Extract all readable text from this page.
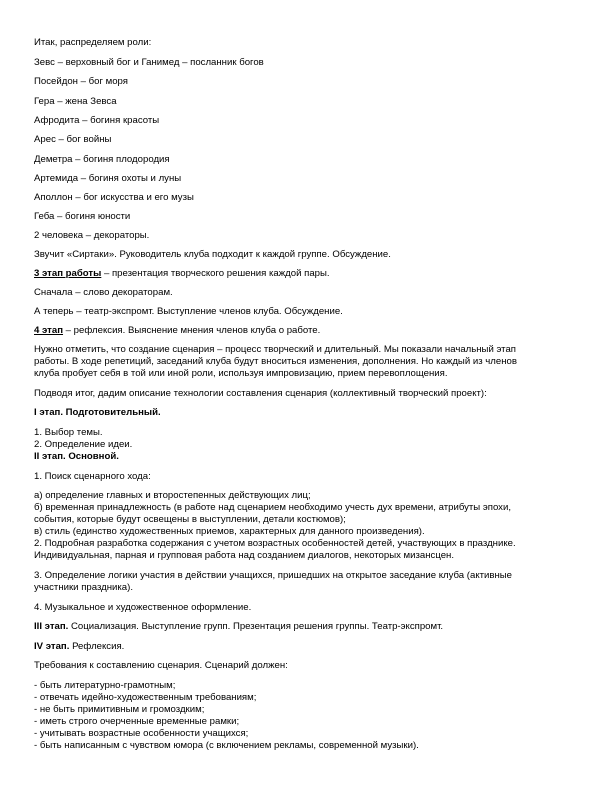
Итак, распределяем роли:
Зевс – верховный бог и Ганимед – посланник богов
Посейдон – бог моря
Гера – жена Зевса
Афродита – богиня красоты
Арес – бог войны
Деметра – богиня плодородия
Артемида – богиня охоты и луны
Аполлон – бог искусства и его музы
Геба – богиня юности
2 человека – декораторы.
Звучит «Сиртаки». Руководитель клуба подходит к каждой группе. Обсуждение.
3 этап работы – презентация творческого решения каждой пары.
Сначала – слово декораторам.
А теперь – театр-экспромт. Выступление членов клуба. Обсуждение.
4 этап – рефлексия. Выяснение мнения членов клуба о работе.
Нужно отметить, что создание сценария – процесс творческий и длительный. Мы показали начальный этап
работы. В ходе репетиций, заседаний клуба будут вноситься изменения, дополнения. Но каждый из членов
клуба пробует себя в той или иной роли, используя импровизацию, прием перевоплощения.
Подводя итог, дадим описание технологии составления сценария (коллективный творческий проект):
I этап. Подготовительный.
1. Выбор темы.
2. Определение идеи.
II этап. Основной.
1. Поиск сценарного хода:
а) определение главных и второстепенных действующих лиц;
б) временная принадлежность (в работе над сценарием необходимо учесть дух времени, атрибуты эпохи,
события, которые будут освещены в выступлении, детали костюмов);
в) стиль (единство художественных приемов, характерных для данного произведения).
2. Подробная разработка содержания с учетом возрастных особенностей детей, участвующих в празднике.
Индивидуальная, парная и групповая работа над созданием диалогов, некоторых мизансцен.
3. Определение логики участия в действии учащихся, пришедших на открытое заседание клуба (активные
участники праздника).
4. Музыкальное и художественное оформление.
III этап. Социализация. Выступление групп. Презентация решения группы. Театр-экспромт.
IV этап. Рефлексия.
Требования к составлению сценария. Сценарий должен:
- быть литературно-грамотным;
- отвечать идейно-художественным требованиям;
- не быть примитивным и громоздким;
- иметь строго очерченные временные рамки;
- учитывать возрастные особенности учащихся;
- быть написанным с чувством юмора (с включением рекламы, современной музыки).
